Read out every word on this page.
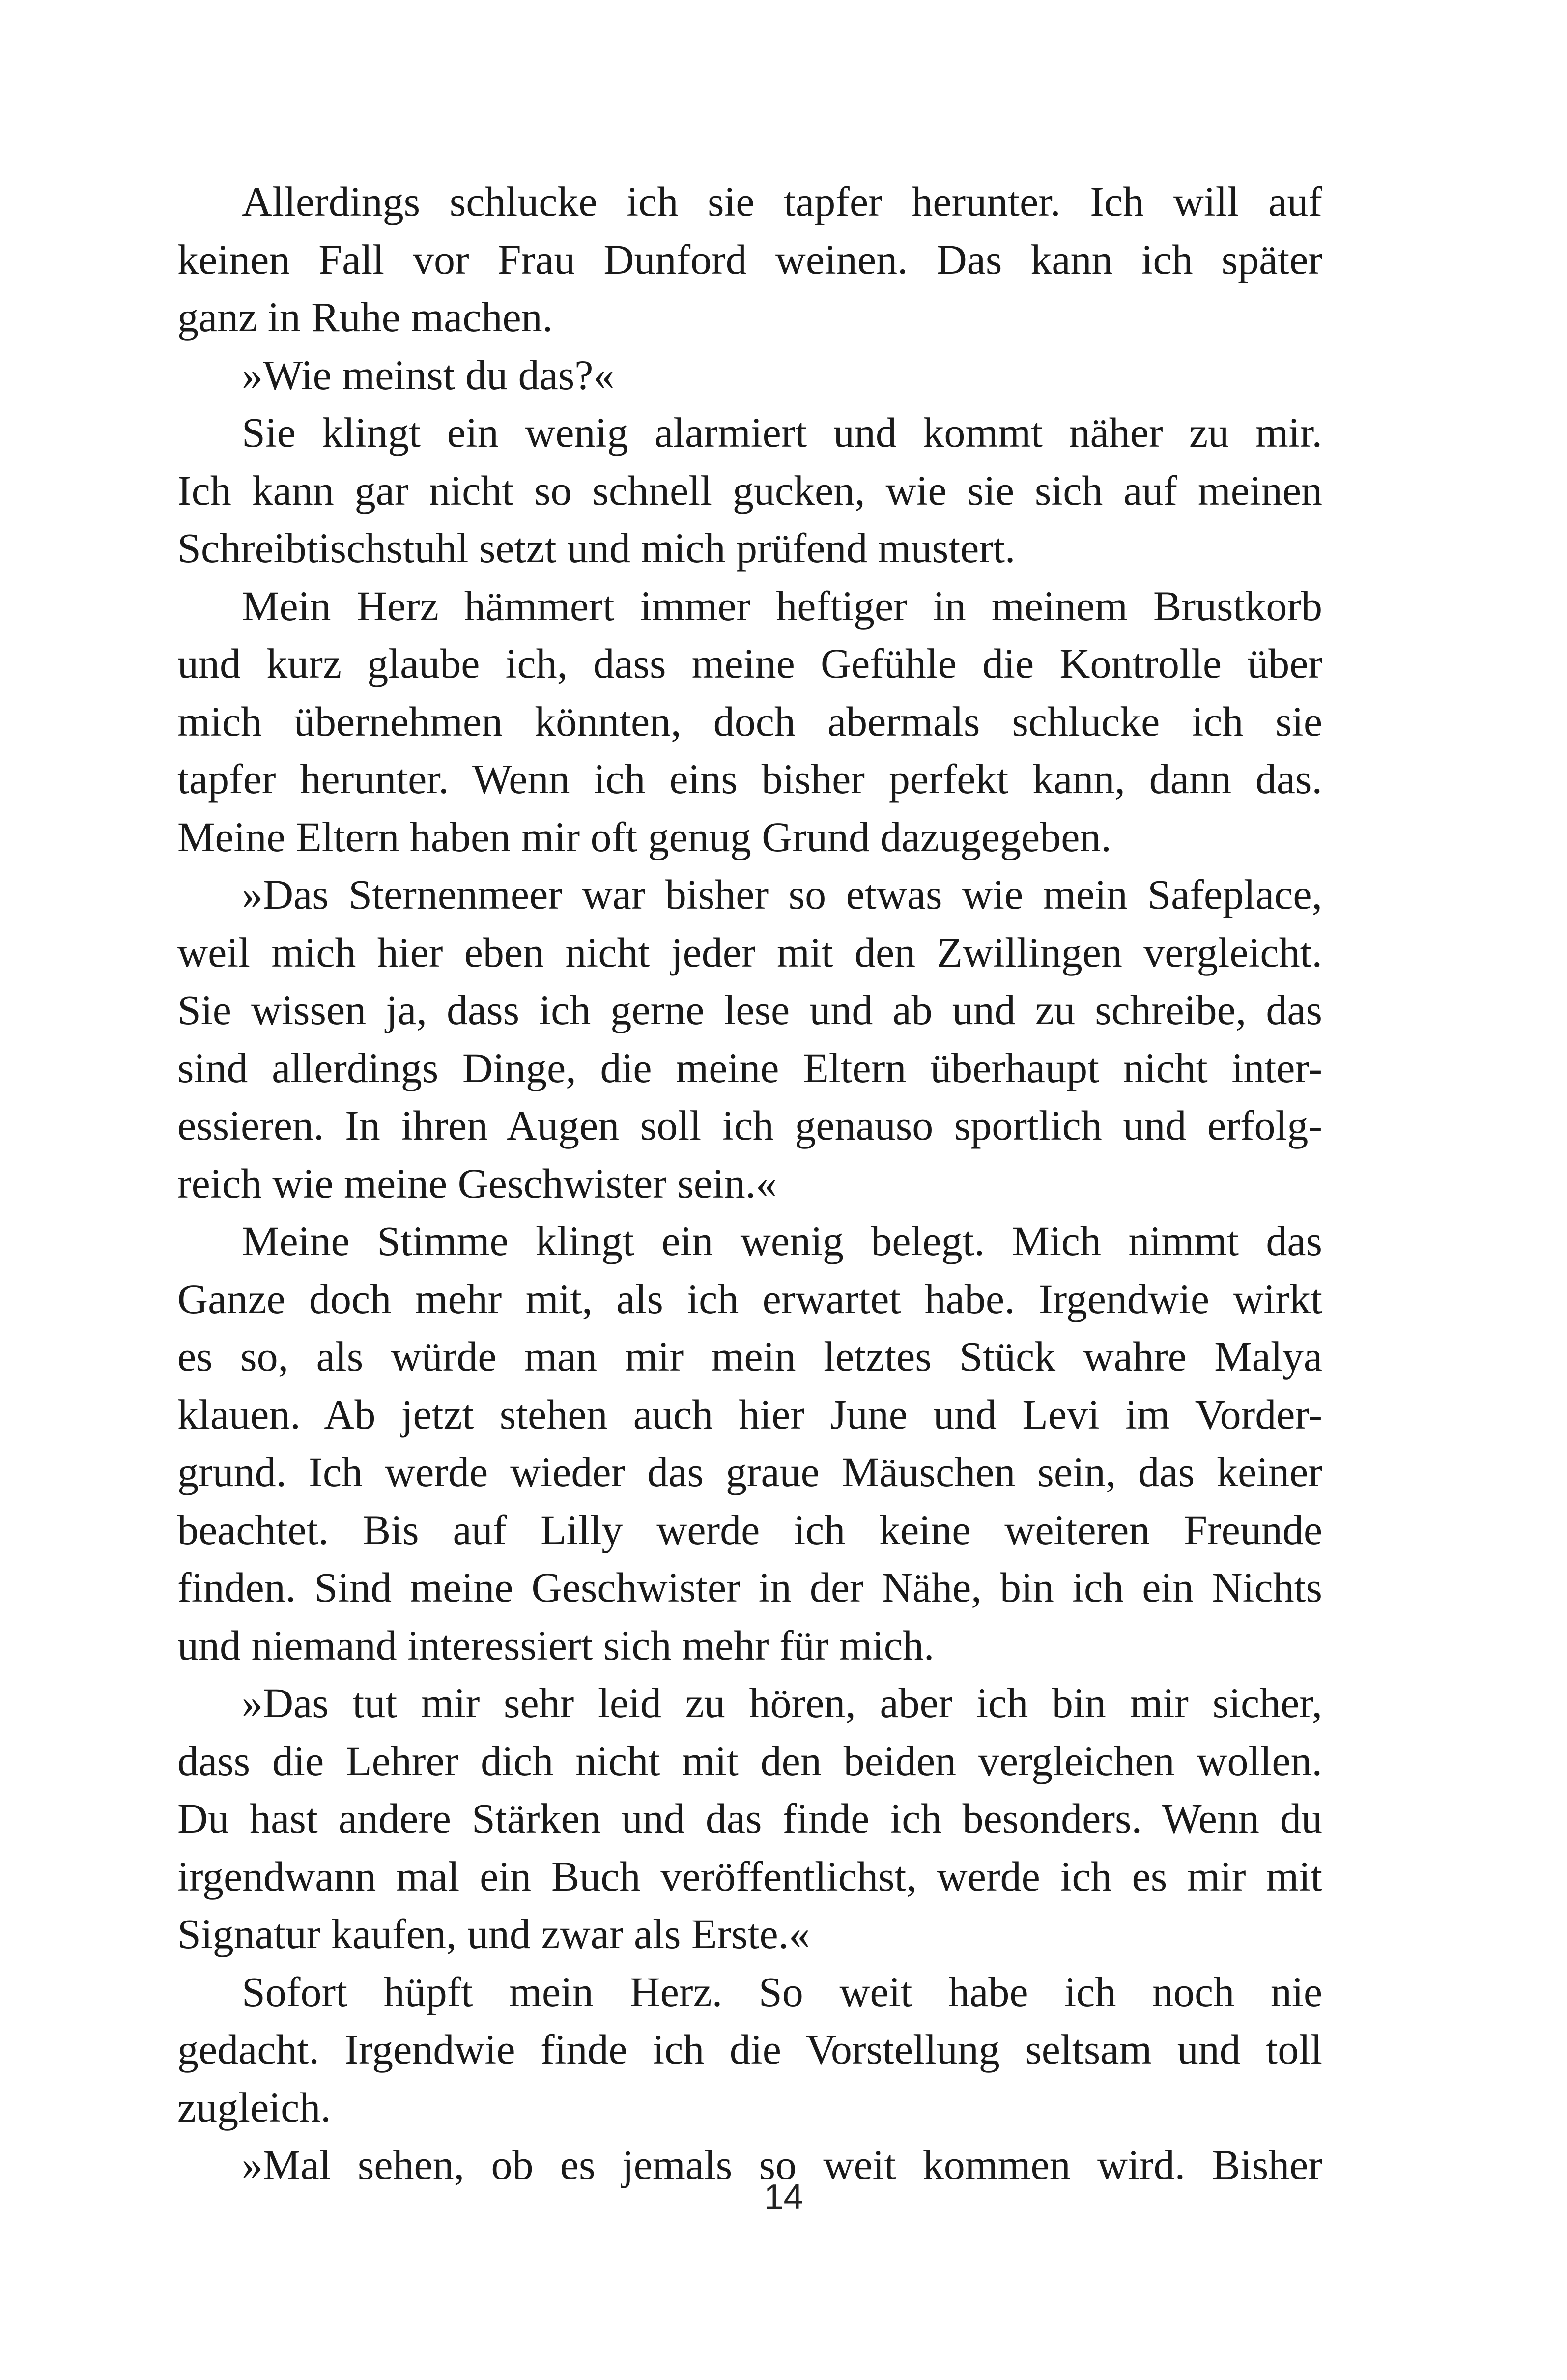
Allerdings schlucke ich sie tapfer herunter. Ich will auf
keinen Fall vor Frau Dunford weinen. Das kann ich später
ganz in Ruhe machen.
»Wie meinst du das?«
Sie klingt ein wenig alarmiert und kommt näher zu mir.
Ich kann gar nicht so schnell gucken, wie sie sich auf meinen
Schreibtischstuhl setzt und mich prüfend mustert.
Mein Herz hämmert immer heftiger in meinem Brustkorb
und kurz glaube ich, dass meine Gefühle die Kontrolle über
mich übernehmen könnten, doch abermals schlucke ich sie
tapfer herunter. Wenn ich eins bisher perfekt kann, dann das.
Meine Eltern haben mir oft genug Grund dazugegeben.
»Das Sternenmeer war bisher so etwas wie mein Safeplace,
weil mich hier eben nicht jeder mit den Zwillingen vergleicht.
Sie wissen ja, dass ich gerne lese und ab und zu schreibe, das
sind allerdings Dinge, die meine Eltern überhaupt nicht inter-
essieren. In ihren Augen soll ich genauso sportlich und erfolg-
reich wie meine Geschwister sein.«
Meine Stimme klingt ein wenig belegt. Mich nimmt das
Ganze doch mehr mit, als ich erwartet habe. Irgendwie wirkt
es so, als würde man mir mein letztes Stück wahre Malya
klauen. Ab jetzt stehen auch hier June und Levi im Vorder-
grund. Ich werde wieder das graue Mäuschen sein, das keiner
beachtet. Bis auf Lilly werde ich keine weiteren Freunde
finden. Sind meine Geschwister in der Nähe, bin ich ein Nichts
und niemand interessiert sich mehr für mich.
»Das tut mir sehr leid zu hören, aber ich bin mir sicher,
dass die Lehrer dich nicht mit den beiden vergleichen wollen.
Du hast andere Stärken und das finde ich besonders. Wenn du
irgendwann mal ein Buch veröffentlichst, werde ich es mir mit
Signatur kaufen, und zwar als Erste.«
Sofort hüpft mein Herz. So weit habe ich noch nie
gedacht. Irgendwie finde ich die Vorstellung seltsam und toll
zugleich.
»Mal sehen, ob es jemals so weit kommen wird. Bisher
14
